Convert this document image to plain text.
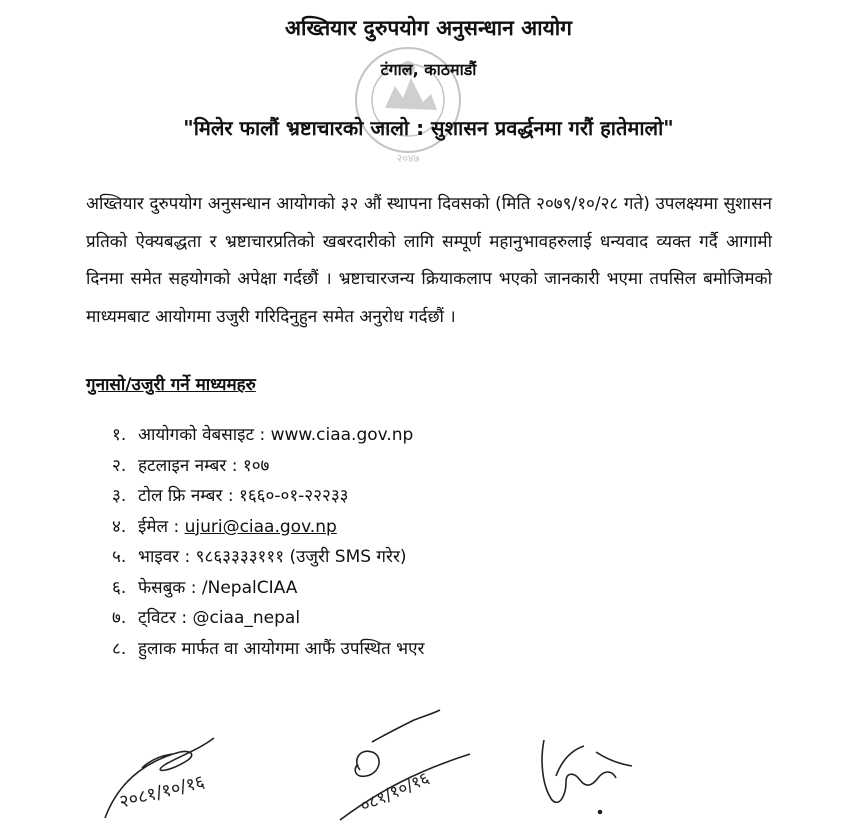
अख्तियार दुरुपयोग अनुसन्धान आयोग
२०४७
टंगाल, काठमाडौं
"मिलेर फालौं भ्रष्टाचारको जालो : सुशासन प्रवर्द्धनमा गरौं हातेमालो"

अख्तियार दुरुपयोग अनुसन्धान आयोगको ३२ औं स्थापना दिवसको (मिति २०७९/१०/२८ गते) उपलक्ष्यमा सुशासन प्रतिको ऐक्यबद्धता र भ्रष्टाचारप्रतिको खबरदारीको लागि सम्पूर्ण महानुभावहरुलाई धन्यवाद व्यक्त गर्दै आगामी दिनमा समेत सहयोगको अपेक्षा गर्दछौं । भ्रष्टाचारजन्य क्रियाकलाप भएको जानकारी भएमा तपसिल बमोजिमको माध्यमबाट आयोगमा उजुरी गरिदिनुहुन समेत अनुरोध गर्दछौं ।

गुनासो/उजुरी गर्ने माध्यमहरु
१. आयोगको वेबसाइट : www.ciaa.gov.np
२. हटलाइन नम्बर : १०७
३. टोल फ्रि नम्बर : १६६०-०१-२२२३३
४. ईमेल : ujuri@ciaa.gov.np
५. भाइवर : ९८६३३३३१११ (उजुरी SMS गरेर)
६. फेसबुक : /NepalCIAA
७. ट्विटर : @ciaa_nepal
८. हुलाक मार्फत वा आयोगमा आफैं उपस्थित भएर
२०८१/१०/१६	०८१/१०/१६
